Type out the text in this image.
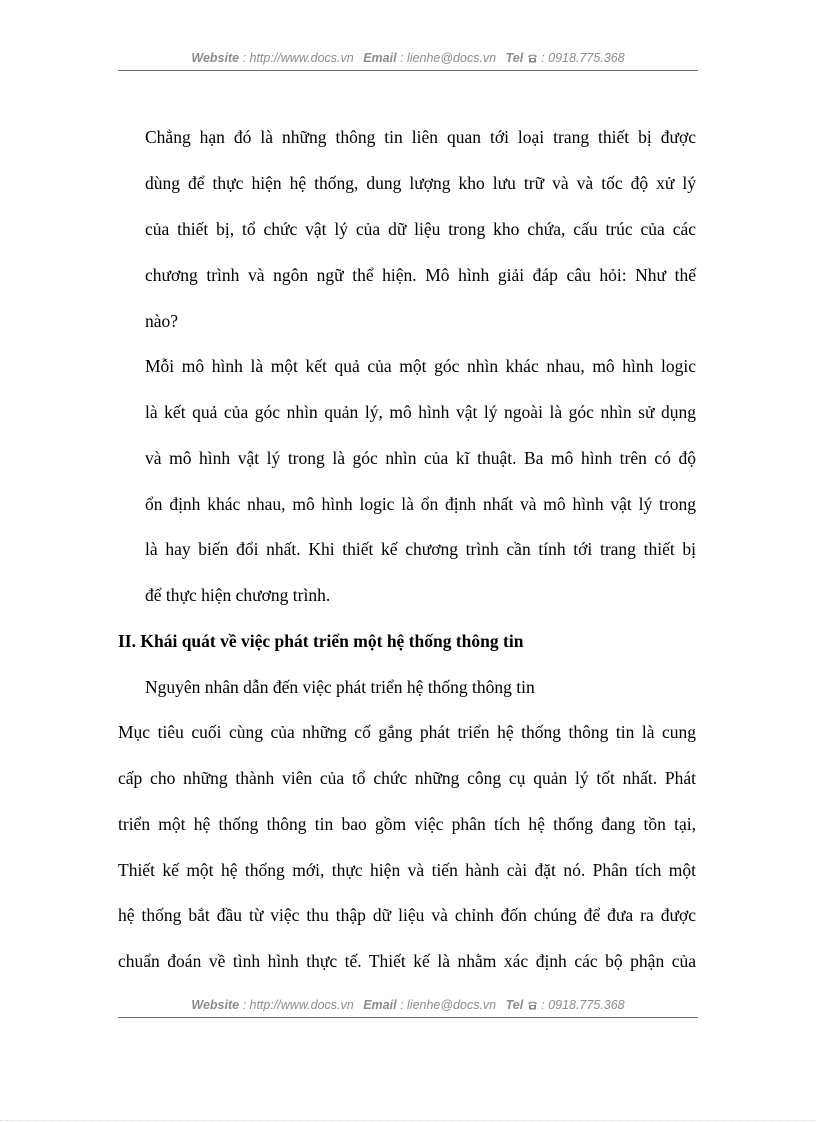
Website : http://www.docs.vn Email : lienhe@docs.vn Tel : 0918.775.368
Chẳng hạn đó là những thông tin liên quan tới loại trang thiết bị được
dùng để thực hiện hệ thống, dung lượng kho lưu trữ và và tốc độ xử lý
của thiết bị, tổ chức vật lý của dữ liệu trong kho chứa, cấu trúc của các
chương trình và ngôn ngữ thể hiện. Mô hình giải đáp câu hỏi: Như thế
nào?
Mỗi mô hình là một kết quả của một góc nhìn khác nhau, mô hình logic
là kết quả của góc nhìn quản lý, mô hình vật lý ngoài là góc nhìn sử dụng
và mô hình vật lý trong là góc nhìn của kĩ thuật. Ba mô hình trên có độ
ổn định khác nhau, mô hình logic là ổn định nhất và mô hình vật lý trong
là hay biến đổi nhất. Khi thiết kế chương trình cần tính tới trang thiết bị
để thực hiện chương trình.
II. Khái quát về việc phát triển một hệ thống thông tin
Nguyên nhân dẫn đến việc phát triển hệ thống thông tin
Mục tiêu cuối cùng của những cố gắng phát triển hệ thống thông tin là cung
cấp cho những thành viên của tổ chức những công cụ quản lý tốt nhất. Phát
triển một hệ thống thông tin bao gồm việc phân tích hệ thống đang tồn tại,
Thiết kế một hệ thống mới, thực hiện và tiến hành cài đặt nó. Phân tích một
hệ thống bắt đầu từ việc thu thập dữ liệu và chỉnh đốn chúng để đưa ra được
chuẩn đoán về tình hình thực tế. Thiết kế là nhằm xác định các bộ phận của
Website : http://www.docs.vn Email : lienhe@docs.vn Tel : 0918.775.368
